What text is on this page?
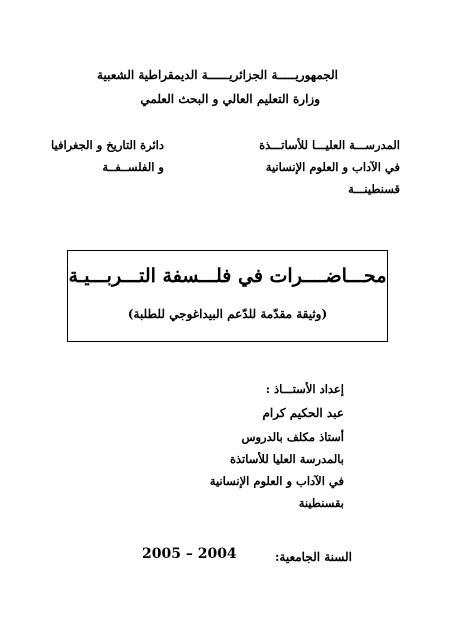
الجمهوريـــــة الجزائريــــــة الديمقراطية الشعبية
وزارة التعليم العالي و البحث العلمي
المدرســـة العليـــا للأساتـــذة
في الآداب و العلوم الإنسانية
قسنطينـــة
دائرة التاريخ و الجغرافيا
و الفلســفــة
محـــاضــــرات في فلـــسفة التـــربـــيـة
(وثيقة مقدّمة للدّعم البيداغوجي للطلبة)
إعداد الأستـــاذ :
عبد الحكيم كرام
أستاذ مكلف بالدروس
بالمدرسة العليا للأساتذة
في الآداب و العلوم الإنسانية
بقسنطينة
السنة الجامعية:
2005 – 2004
